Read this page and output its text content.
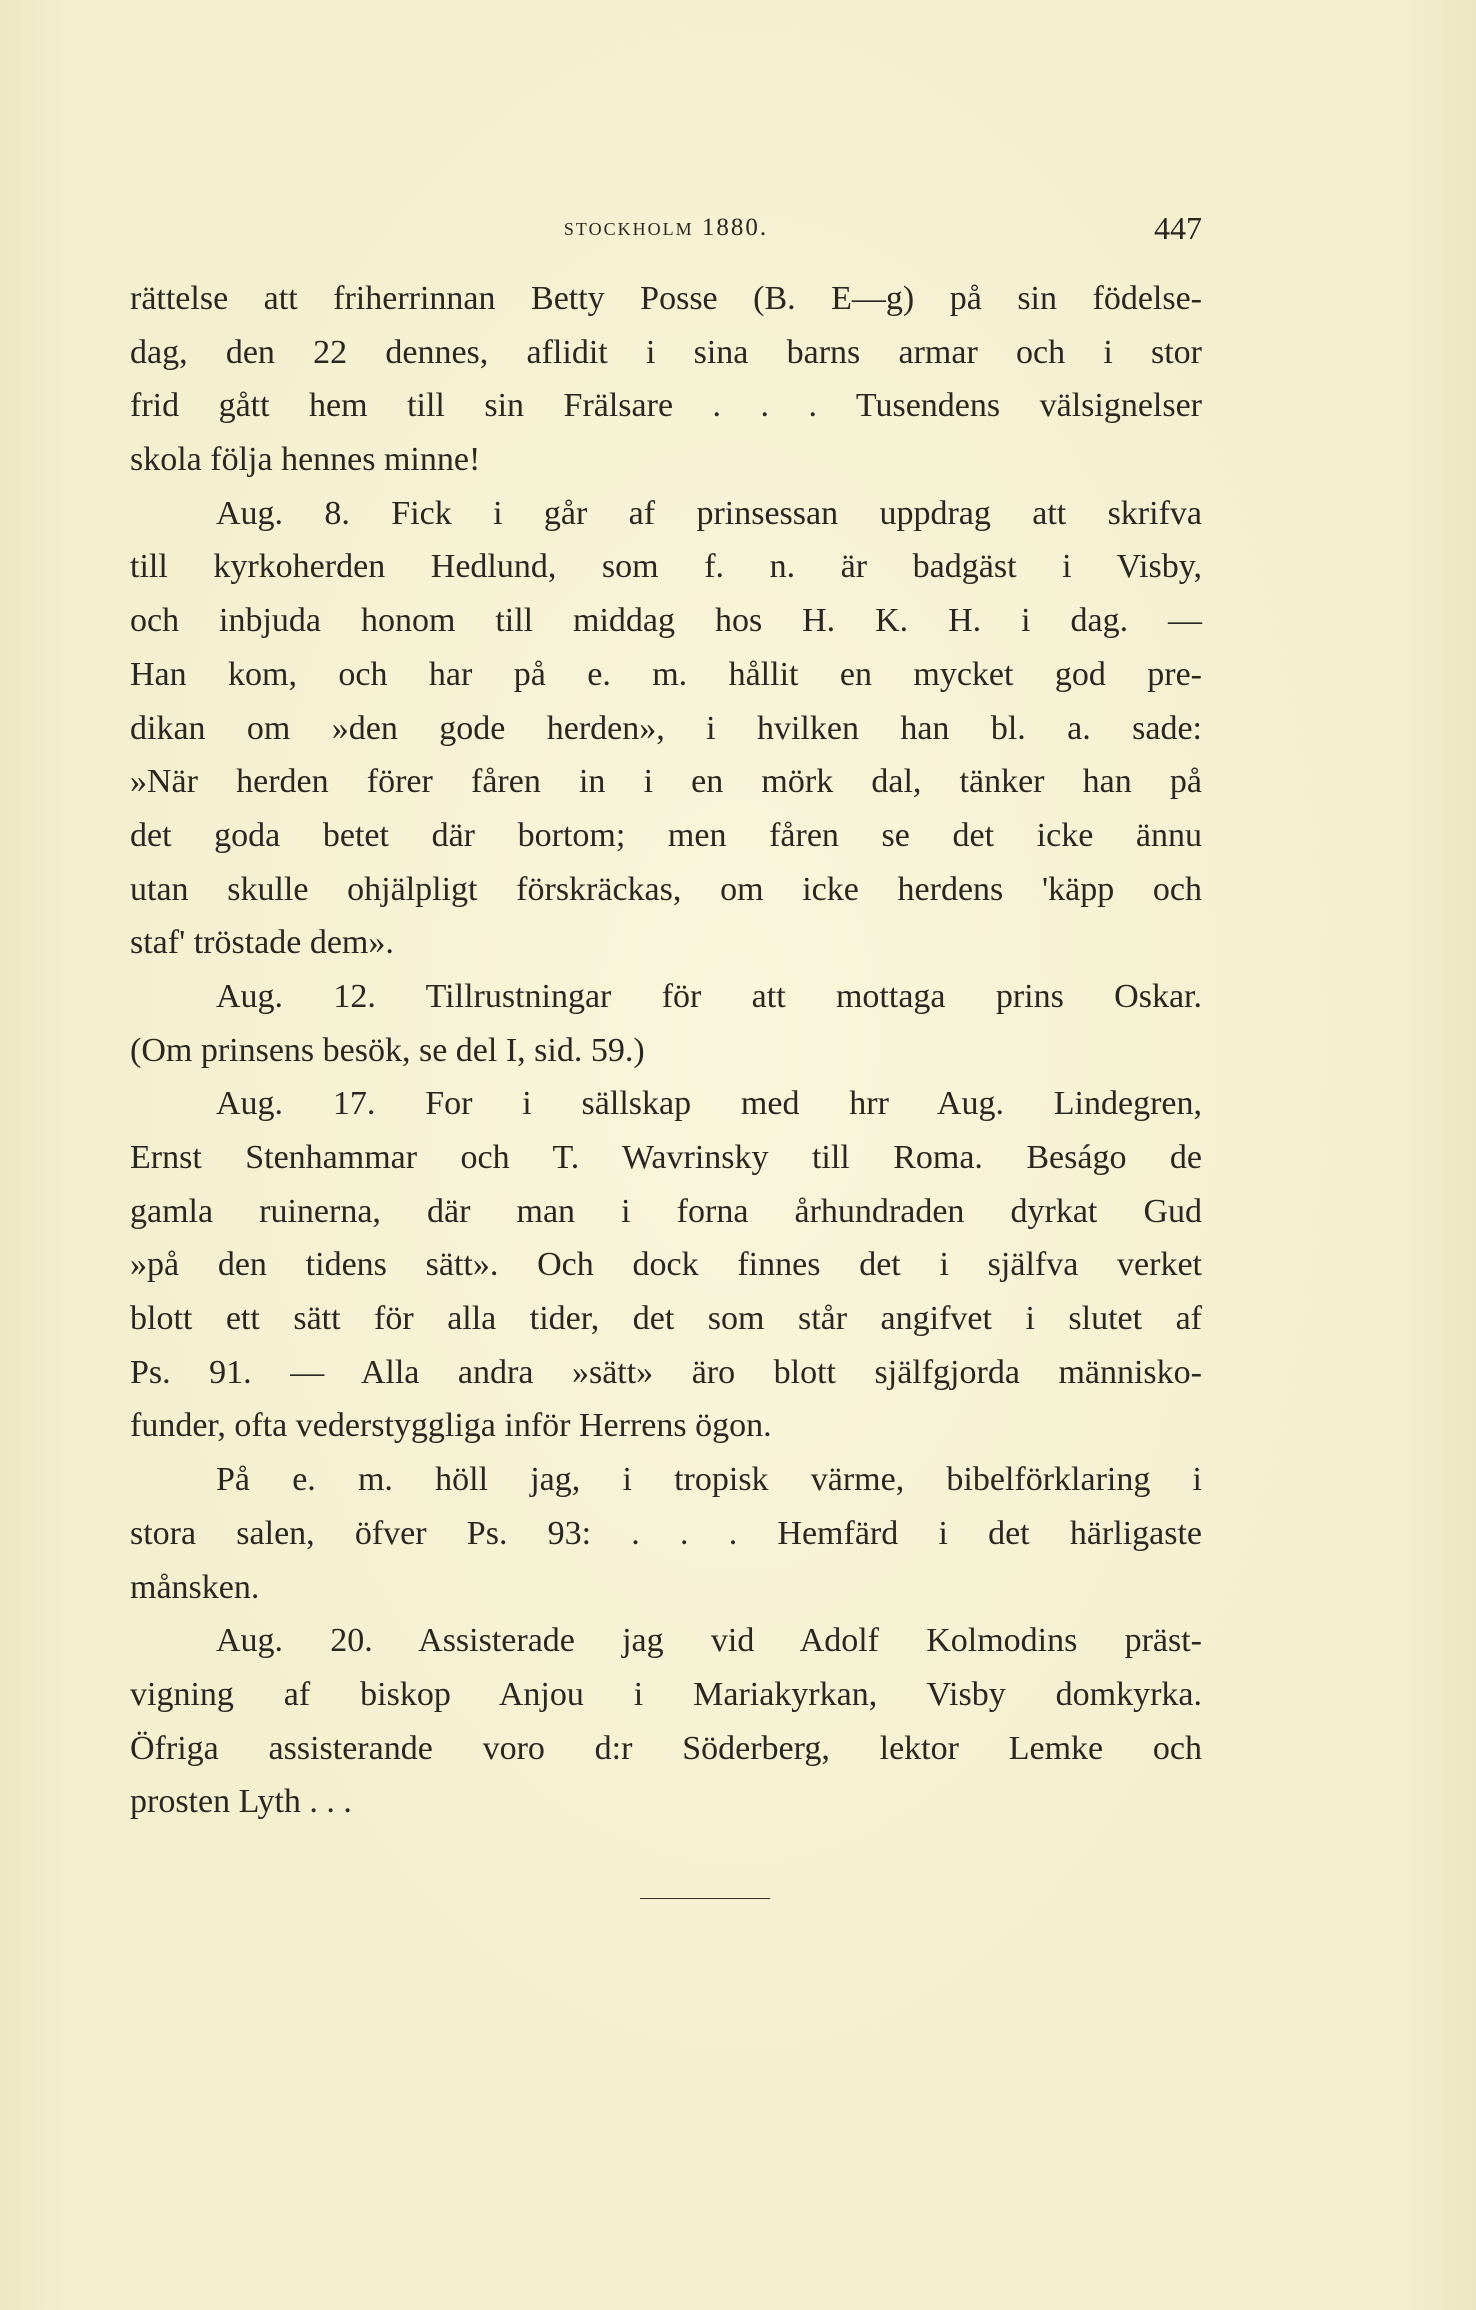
stockholm 1880.	447
rättelse att friherrinnan Betty Posse (B. E—g) på sin födelse-
dag, den 22 dennes, aflidit i sina barns armar och i stor
frid gått hem till sin Frälsare . . . Tusendens välsignelser
skola följa hennes minne!
Aug. 8. Fick i går af prinsessan uppdrag att skrifva
till kyrkoherden Hedlund, som f. n. är badgäst i Visby,
och inbjuda honom till middag hos H. K. H. i dag. —
Han kom, och har på e. m. hållit en mycket god pre-
dikan om »den gode herden», i hvilken han bl. a. sade:
»När herden förer fåren in i en mörk dal, tänker han på
det goda betet där bortom; men fåren se det icke ännu
utan skulle ohjälpligt förskräckas, om icke herdens 'käpp och
staf' tröstade dem».
Aug. 12. Tillrustningar för att mottaga prins Oskar.
(Om prinsens besök, se del I, sid. 59.)
Aug. 17. For i sällskap med hrr Aug. Lindegren,
Ernst Stenhammar och T. Wavrinsky till Roma. Beságo de
gamla ruinerna, där man i forna århundraden dyrkat Gud
»på den tidens sätt». Och dock finnes det i själfva verket
blott ett sätt för alla tider, det som står angifvet i slutet af
Ps. 91. — Alla andra »sätt» äro blott själfgjorda människo-
funder, ofta vederstyggliga inför Herrens ögon.
På e. m. höll jag, i tropisk värme, bibelförklaring i
stora salen, öfver Ps. 93: . . . Hemfärd i det härligaste
månsken.
Aug. 20. Assisterade jag vid Adolf Kolmodins präst-
vigning af biskop Anjou i Mariakyrkan, Visby domkyrka.
Öfriga assisterande voro d:r Söderberg, lektor Lemke och
prosten Lyth . . .
